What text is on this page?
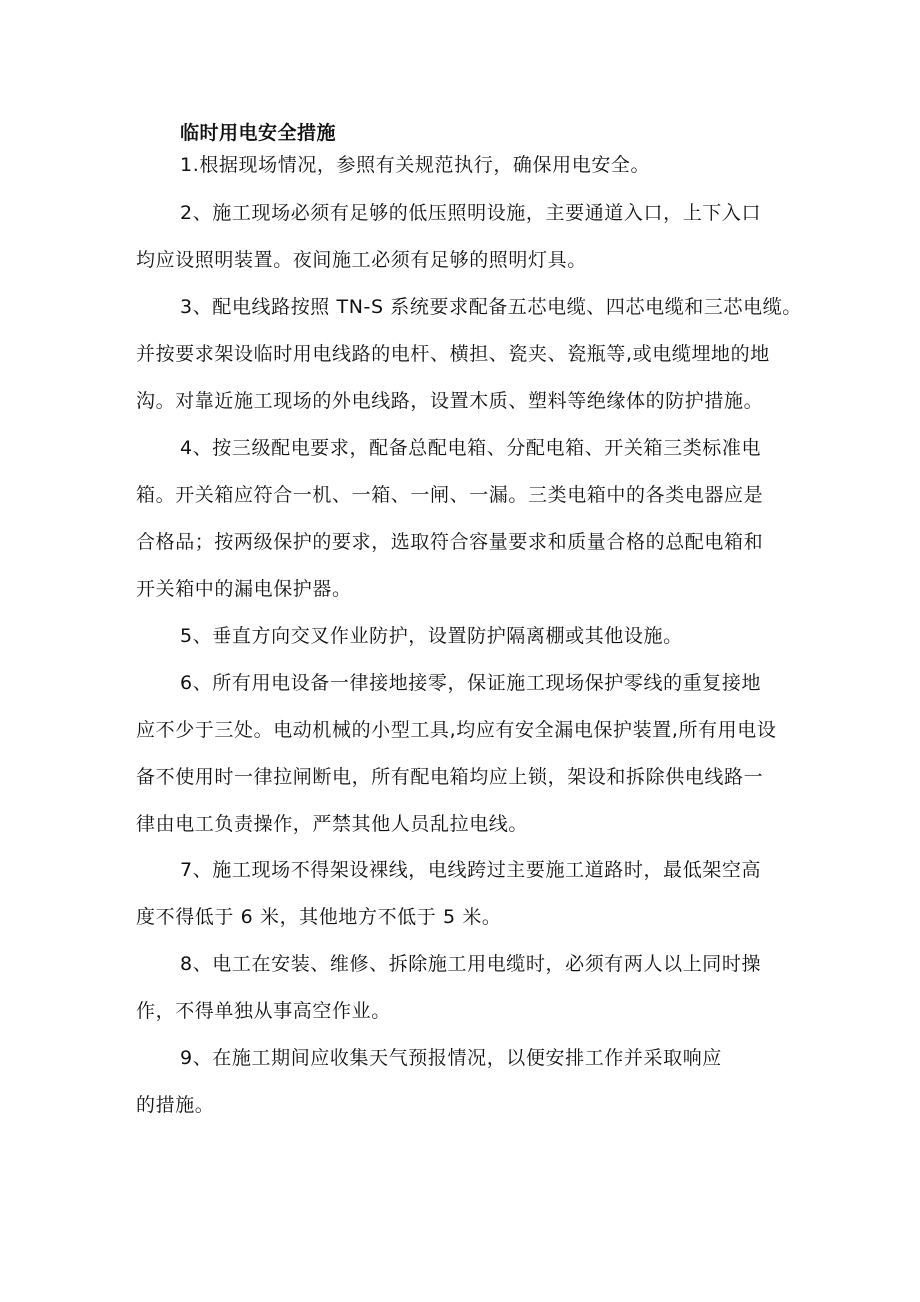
临时用电安全措施

1.根据现场情况，参照有关规范执行，确保用电安全。

2、施工现场必须有足够的低压照明设施，主要通道入口，上下入口
均应设照明装置。夜间施工必须有足够的照明灯具。

3、配电线路按照 TN-S 系统要求配备五芯电缆、四芯电缆和三芯电缆。
并按要求架设临时用电线路的电杆、横担、瓷夹、瓷瓶等,或电缆埋地的地
沟。对靠近施工现场的外电线路，设置木质、塑料等绝缘体的防护措施。

4、按三级配电要求，配备总配电箱、分配电箱、开关箱三类标准电
箱。开关箱应符合一机、一箱、一闸、一漏。三类电箱中的各类电器应是
合格品；按两级保护的要求，选取符合容量要求和质量合格的总配电箱和
开关箱中的漏电保护器。

5、垂直方向交叉作业防护，设置防护隔离棚或其他设施。

6、所有用电设备一律接地接零，保证施工现场保护零线的重复接地
应不少于三处。电动机械的小型工具,均应有安全漏电保护装置,所有用电设
备不使用时一律拉闸断电，所有配电箱均应上锁，架设和拆除供电线路一
律由电工负责操作，严禁其他人员乱拉电线。

7、施工现场不得架设裸线，电线跨过主要施工道路时，最低架空高
度不得低于 6 米，其他地方不低于 5 米。

8、电工在安装、维修、拆除施工用电缆时，必须有两人以上同时操
作，不得单独从事高空作业。

9、在施工期间应收集天气预报情况，以便安排工作并采取响应
的措施。
